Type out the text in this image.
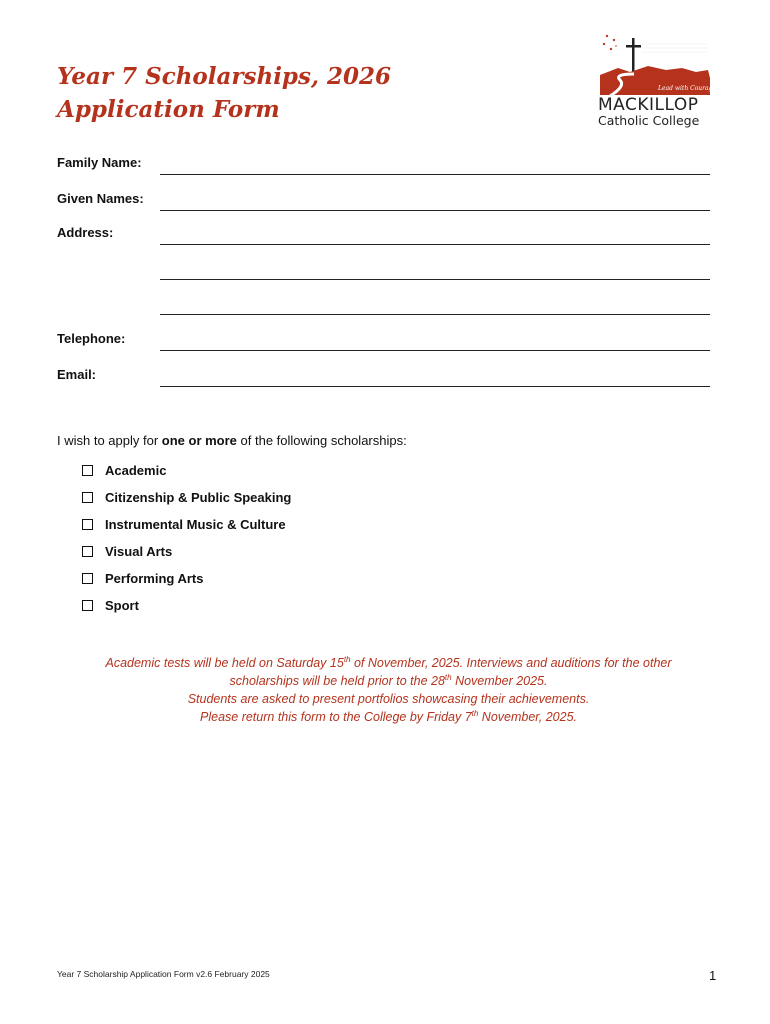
Year 7 Scholarships, 2026
Application Form
Lead with Courage
MACKILLOP
Catholic College
Family Name:
Given Names:
Address:
Telephone:
Email:
I wish to apply for one or more of the following scholarships:
Academic
Citizenship & Public Speaking
Instrumental Music & Culture
Visual Arts
Performing Arts
Sport
Academic tests will be held on Saturday 15th of November, 2025. Interviews and auditions for the other
scholarships will be held prior to the 28th November 2025.
Students are asked to present portfolios showcasing their achievements.
Please return this form to the College by Friday 7th November, 2025.
Year 7 Scholarship Application Form v2.6 February 2025	1
